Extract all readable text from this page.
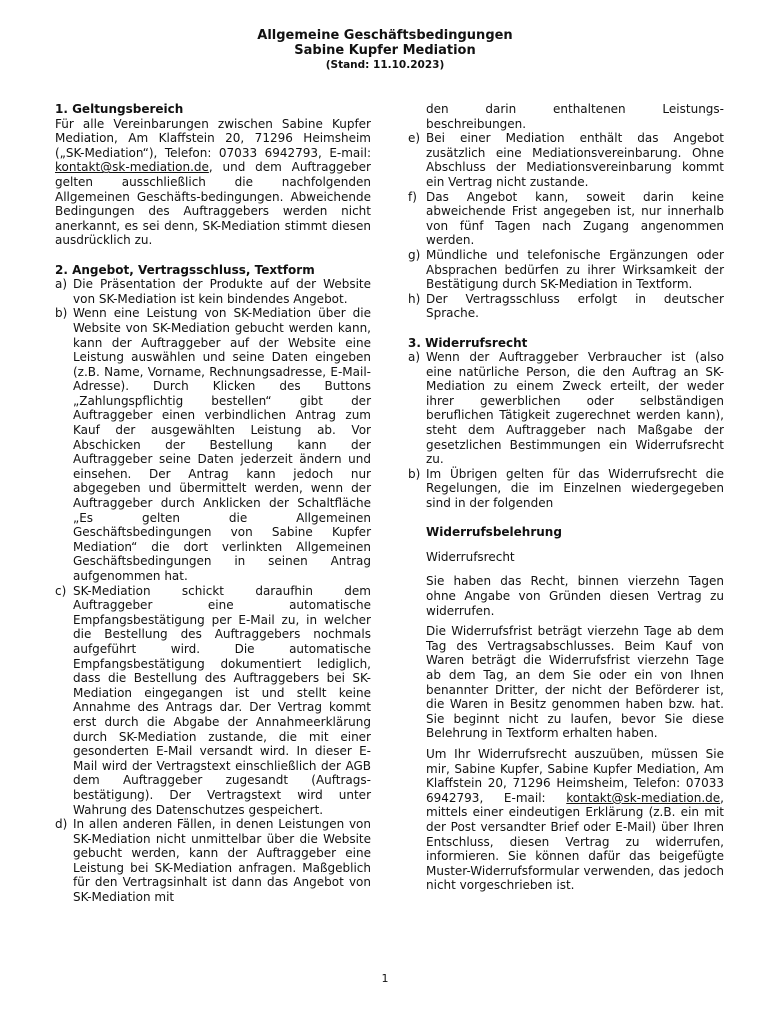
Allgemeine Geschäftsbedingungen
Sabine Kupfer Mediation
(Stand: 11.10.2023)
1. Geltungsbereich

Für alle Vereinbarungen zwischen Sabine Kupfer Mediation, Am Klaffstein 20, 71296 Heimsheim („SK-Mediation“), Telefon: 07033 6942793, E-mail: kontakt@sk-mediation.de, und dem Auftraggeber gelten ausschließlich die nachfolgenden Allgemeinen Geschäfts-bedingungen. Abweichende Bedingungen des Auftraggebers werden nicht anerkannt, es sei denn, SK-Mediation stimmt diesen ausdrücklich zu.

2. Angebot, Vertragsschluss, Textform
a) Die Präsentation der Produkte auf der Website von SK-Mediation ist kein bindendes Angebot.
b) Wenn eine Leistung von SK-Mediation über die Website von SK-Mediation gebucht werden kann, kann der Auftraggeber auf der Website eine Leistung auswählen und seine Daten eingeben (z.B. Name, Vorname, Rechnungsadresse, E-Mail-Adresse). Durch Klicken des Buttons „Zahlungspflichtig bestellen“ gibt der Auftraggeber einen verbindlichen Antrag zum Kauf der ausgewählten Leistung ab. Vor Abschicken der Bestellung kann der Auftraggeber seine Daten jederzeit ändern und einsehen. Der Antrag kann jedoch nur abgegeben und übermittelt werden, wenn der Auftraggeber durch Anklicken der Schaltfläche „Es gelten die Allgemeinen Geschäftsbedingungen von Sabine Kupfer Mediation“ die dort verlinkten Allgemeinen Geschäftsbedingungen in seinen Antrag aufgenommen hat.
c) SK-Mediation schickt daraufhin dem Auftraggeber eine automatische Empfangsbestätigung per E-Mail zu, in welcher die Bestellung des Auftraggebers nochmals aufgeführt wird. Die automatische Empfangsbestätigung dokumentiert lediglich, dass die Bestellung des Auftraggebers bei SK-Mediation eingegangen ist und stellt keine Annahme des Antrags dar. Der Vertrag kommt erst durch die Abgabe der Annahmeerklärung durch SK-Mediation zustande, die mit einer gesonderten E-Mail versandt wird. In dieser E-Mail wird der Vertragstext einschließlich der AGB dem Auftraggeber zugesandt (Auftrags-bestätigung). Der Vertragstext wird unter Wahrung des Datenschutzes gespeichert.
d) In allen anderen Fällen, in denen Leistungen von SK-Mediation nicht unmittelbar über die Website gebucht werden, kann der Auftraggeber eine Leistung bei SK-Mediation anfragen. Maßgeblich für den Vertragsinhalt ist dann das Angebot von SK-Mediation mit

den darin enthaltenen Leistungs-beschreibungen.

e) Bei einer Mediation enthält das Angebot zusätzlich eine Mediationsvereinbarung. Ohne Abschluss der Mediationsvereinbarung kommt ein Vertrag nicht zustande.
f) Das Angebot kann, soweit darin keine abweichende Frist angegeben ist, nur innerhalb von fünf Tagen nach Zugang angenommen werden.
g) Mündliche und telefonische Ergänzungen oder Absprachen bedürfen zu ihrer Wirksamkeit der Bestätigung durch SK-Mediation in Textform.
h) Der Vertragsschluss erfolgt in deutscher Sprache.
3. Widerrufsrecht
a) Wenn der Auftraggeber Verbraucher ist (also eine natürliche Person, die den Auftrag an SK-Mediation zu einem Zweck erteilt, der weder ihrer gewerblichen oder selbständigen beruflichen Tätigkeit zugerechnet werden kann), steht dem Auftraggeber nach Maßgabe der gesetzlichen Bestimmungen ein Widerrufsrecht zu.
b) Im Übrigen gelten für das Widerrufsrecht die Regelungen, die im Einzelnen wiedergegeben sind in der folgenden
Widerrufsbelehrung

Widerrufsrecht

Sie haben das Recht, binnen vierzehn Tagen ohne Angabe von Gründen diesen Vertrag zu widerrufen.

Die Widerrufsfrist beträgt vierzehn Tage ab dem Tag des Vertragsabschlusses. Beim Kauf von Waren beträgt die Widerrufsfrist vierzehn Tage ab dem Tag, an dem Sie oder ein von Ihnen benannter Dritter, der nicht der Beförderer ist, die Waren in Besitz genommen haben bzw. hat. Sie beginnt nicht zu laufen, bevor Sie diese Belehrung in Textform erhalten haben.

Um Ihr Widerrufsrecht auszuüben, müssen Sie mir, Sabine Kupfer, Sabine Kupfer Mediation, Am Klaffstein 20, 71296 Heimsheim, Telefon: 07033 6942793, E-mail: kontakt@sk-mediation.de, mittels einer eindeutigen Erklärung (z.B. ein mit der Post versandter Brief oder E-Mail) über Ihren Entschluss, diesen Vertrag zu widerrufen, informieren. Sie können dafür das beigefügte Muster-Widerrufsformular verwenden, das jedoch nicht vorgeschrieben ist.

1
